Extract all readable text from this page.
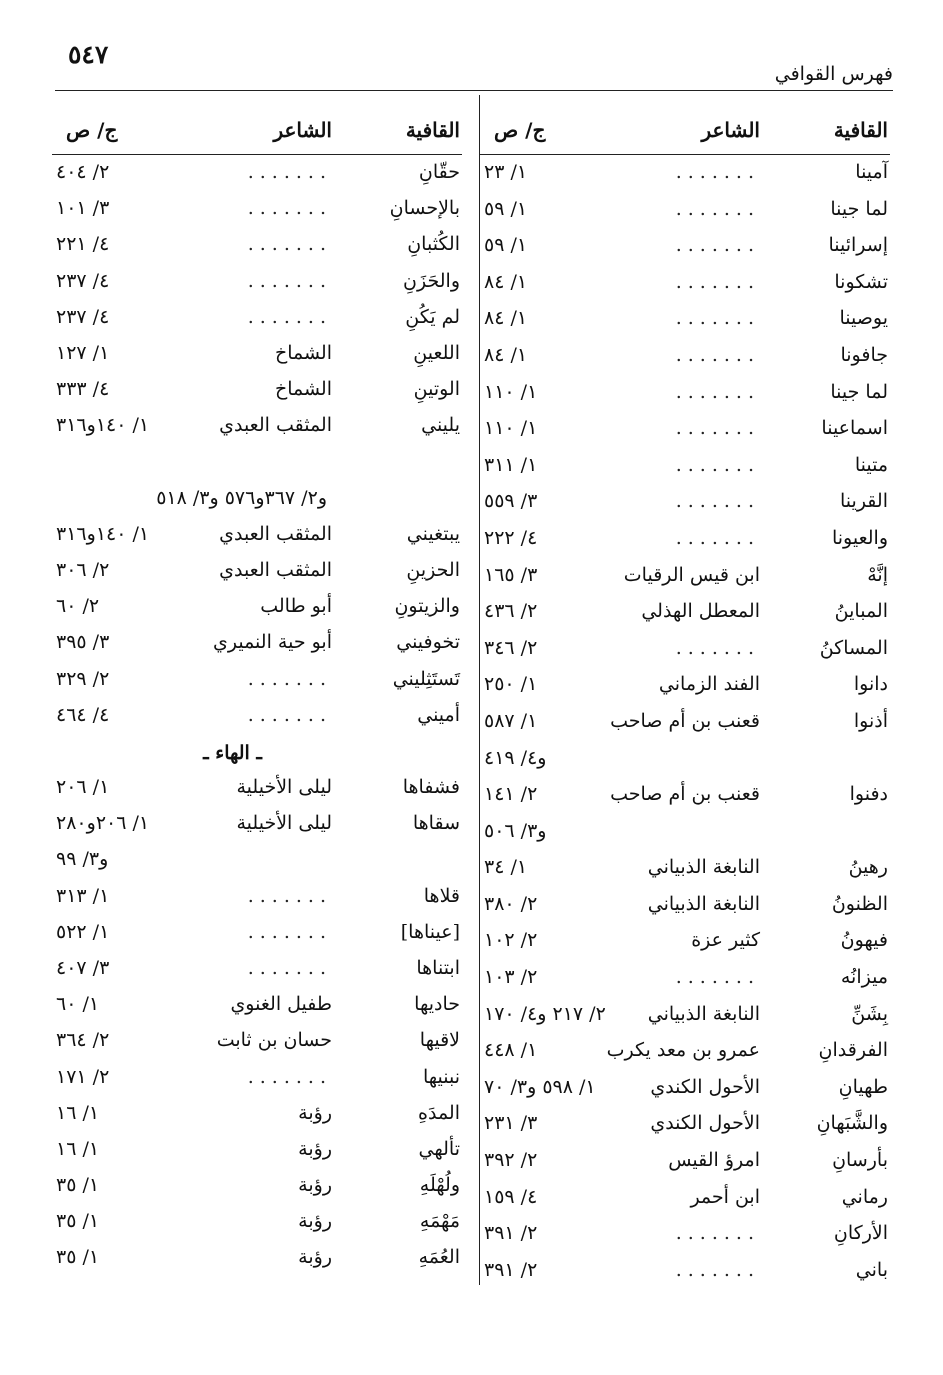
٥٤٧
فهرس القوافي
القافية
الشاعر
ج/ ص
آمينا
.......
١/ ٢٣
لما جينا
.......
١/ ٥٩
إسرائينا
.......
١/ ٥٩
تشكونا
.......
١/ ٨٤
يوصينا
.......
١/ ٨٤
جافونا
.......
١/ ٨٤
لما جينا
.......
١/ ١١٠
اسماعينا
.......
١/ ١١٠
متينا
.......
١/ ٣١١
القرينا
.......
٣/ ٥٥٩
والعيونا
.......
٤/ ٢٢٢
إنَّهْ
ابن قيس الرقيات
٣/ ١٦٥
المباينُ
المعطل الهذلي
٢/ ٤٣٦
المساكنُ
.......
٢/ ٣٤٦
دانوا
الفند الزماني
١/ ٢٥٠
أذنوا
قعنب بن أم صاحب
١/ ٥٨٧
و٤/ ٤١٩
دفنوا
قعنب بن أم صاحب
٢/ ١٤١
و٣/ ٥٠٦
رهينُ
النابغة الذبياني
١/ ٣٤
الظنونُ
النابغة الذبياني
٢/ ٣٨٠
فيهونُ
كثير عزة
٢/ ١٠٢
ميزانُه
.......
٢/ ١٠٣
بِشَنِّ
النابغة الذبياني
٢/ ٢١٧ و٤/ ١٧٠
الفرقدانِ
عمرو بن معد يكرب
١/ ٤٤٨
طهيانِ
الأحول الكندي
١/ ٥٩٨ و٣/ ٧٠
والشَّبَهانِ
الأحول الكندي
٣/ ٢٣١
بأرسانِ
امرؤ القيس
٢/ ٣٩٢
رماني
ابن أحمر
٤/ ١٥٩
الأركانِ
.......
٢/ ٣٩١
باني
.......
٢/ ٣٩١
القافية
الشاعر
ج/ ص
حقّانِ
.......
٢/ ٤٠٤
بالإحسانِ
.......
٣/ ١٠١
الكُثبانِ
.......
٤/ ٢٢١
والحَزَنِ
.......
٤/ ٢٣٧
لم يَكُنِ
.......
٤/ ٢٣٧
اللعينِ
الشماخ
١/ ١٢٧
الوتينِ
الشماخ
٤/ ٣٣٣
يليني
المثقب العبدي
١/ ١٤٠و٣١٦
و٢/ ٣٦٧و٥٧٦ و٣/ ٥١٨
يبتغيني
المثقب العبدي
١/ ١٤٠و٣١٦
الحزينِ
المثقب العبدي
٢/ ٣٠٦
والزيتونِ
أبو طالب
٢/ ٦٠
تخوفيني
أبو حية النميري
٣/ ٣٩٥
تَستَثِليني
.......
٢/ ٣٢٩
أميني
.......
٤/ ٤٦٤
ـ الهاء ـ
فشفاها
ليلى الأخيلية
١/ ٢٠٦
سقاها
ليلى الأخيلية
١/ ٢٠٦و٢٨٠
و٣/ ٩٩
قلاها
.......
١/ ٣١٣
[عيناها]
.......
١/ ٥٢٢
ابتناها
.......
٣/ ٤٠٧
حاديها
طفيل الغنوي
١/ ٦٠
لاقيها
حسان بن ثابت
٢/ ٣٦٤
نبنيها
.......
٢/ ١٧١
المدَهِ
رؤبة
١/ ١٦
تألهي
رؤبة
١/ ١٦
ولُهْلَهِ
رؤبة
١/ ٣٥
مَهْمَهِ
رؤبة
١/ ٣٥
العُمَهِ
رؤبة
١/ ٣٥
